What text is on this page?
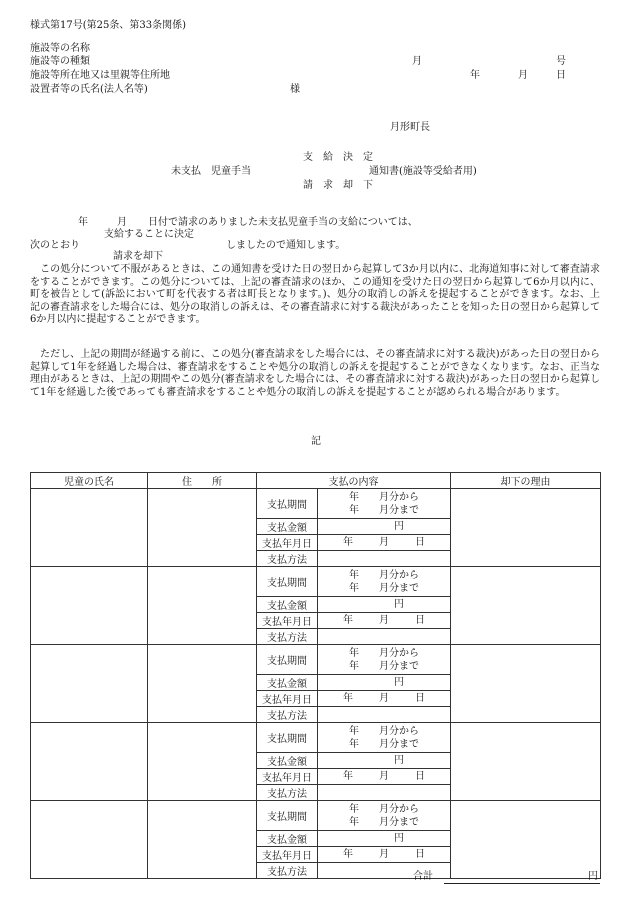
様式第17号(第25条、第33条関係)
施設等の名称
施設等の種類
施設等所在地又は里親等住所地
設置者等の氏名(法人名等)	様
月	号
年	月	日
月形町長
支　給　決　定
未支払　児童手当	通知書(施設等受給者用)
請　求　却　下
年	月 日付で請求のありました未支払児童手当の支給については、
支給することに決定
次のとおり	しましたので通知します。
請求を却下
　この処分について不服があるときは、この通知書を受けた日の翌日から起算して3か月以内に、北海道知事に対して審査請求をすることができます。この処分については、上記の審査請求のほか、この通知を受けた日の翌日から起算して6か月以内に、町を被告として(訴訟において町を代表する者は町長となります。)、処分の取消しの訴えを提起することができます。なお、上記の審査請求をした場合には、処分の取消しの訴えは、その審査請求に対する裁決があったことを知った日の翌日から起算して6か月以内に提起することができます。
　ただし、上記の期間が経過する前に、この処分(審査請求をした場合には、その審査請求に対する裁決)があった日の翌日から起算して1年を経過した場合は、審査請求をすることや処分の取消しの訴えを提起することができなくなります。なお、正当な理由があるときは、上記の期間やこの処分(審査請求をした場合には、その審査請求に対する裁決)があった日の翌日から起算して1年を経過した後であっても審査請求をすることや処分の取消しの訴えを提起することが認められる場合があります。
記
児童の氏名	住　　所	支払の内容		却下の理由
		支払期間	年　　月分から
年　　月分まで	

		支払金額	円	
		支払年月日	年 月 日	
		支払方法		
		支払期間	年　　月分から
年　　月分まで	

		支払金額	円	
		支払年月日	年 月 日	
		支払方法		
		支払期間	年　　月分から
年　　月分まで	

		支払金額	円	
		支払年月日	年 月 日	
		支払方法		
		支払期間	年　　月分から
年　　月分まで	

		支払金額	円	
		支払年月日	年 月 日	
		支払方法		
		支払期間	年　　月分から
年　　月分まで	

		支払金額	円	
		支払年月日	年 月 日	
		支払方法			合計	円
